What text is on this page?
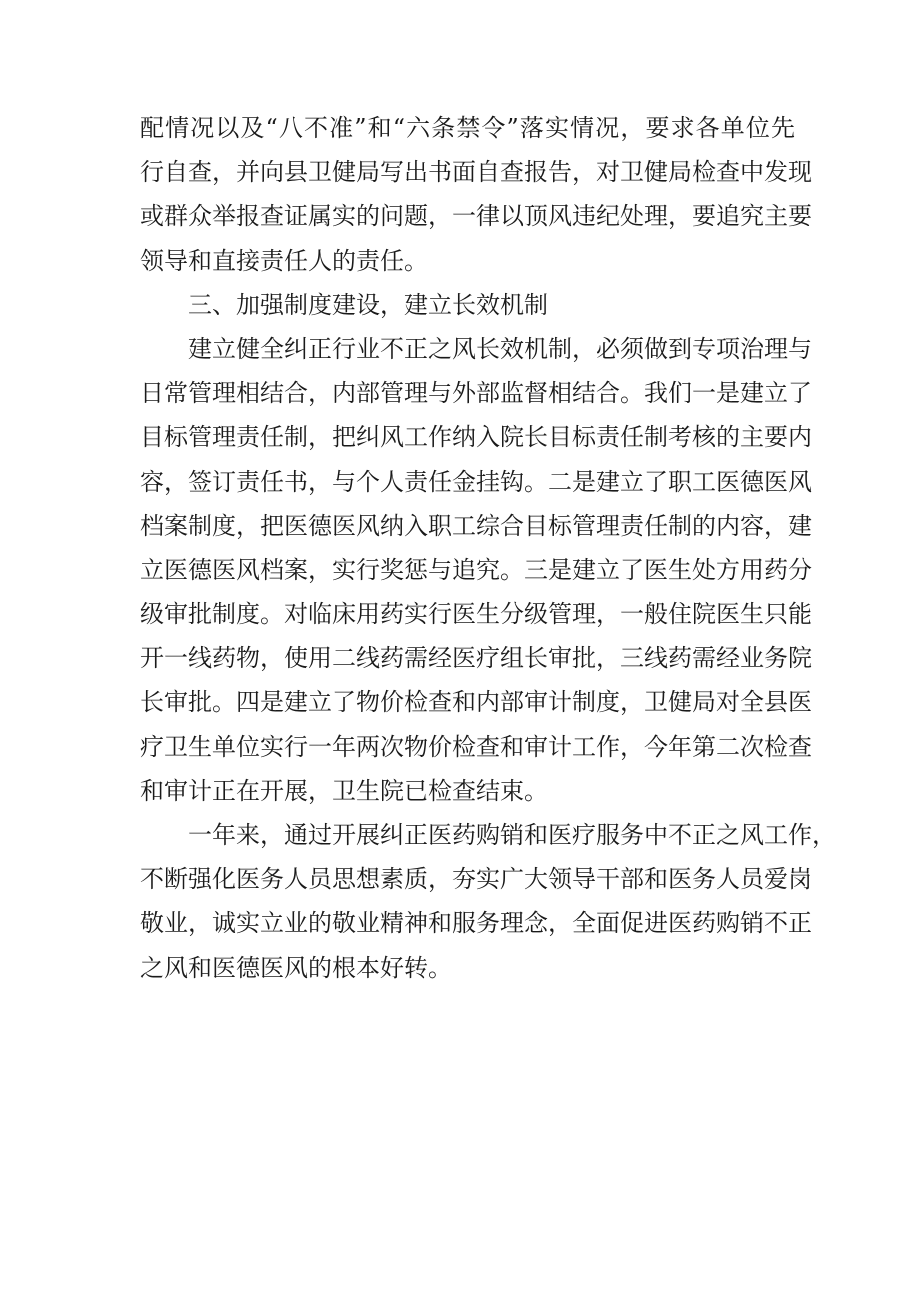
配情况以及“八不准”和“六条禁令”落实情况，要求各单位先
行自查，并向县卫健局写出书面自查报告，对卫健局检查中发现
或群众举报查证属实的问题，一律以顶风违纪处理，要追究主要
领导和直接责任人的责任。
三、加强制度建设，建立长效机制
建立健全纠正行业不正之风长效机制，必须做到专项治理与
日常管理相结合，内部管理与外部监督相结合。我们一是建立了
目标管理责任制，把纠风工作纳入院长目标责任制考核的主要内
容，签订责任书，与个人责任金挂钩。二是建立了职工医德医风
档案制度，把医德医风纳入职工综合目标管理责任制的内容，建
立医德医风档案，实行奖惩与追究。三是建立了医生处方用药分
级审批制度。对临床用药实行医生分级管理，一般住院医生只能
开一线药物，使用二线药需经医疗组长审批，三线药需经业务院
长审批。四是建立了物价检查和内部审计制度，卫健局对全县医
疗卫生单位实行一年两次物价检查和审计工作，今年第二次检查
和审计正在开展，卫生院已检查结束。
一年来，通过开展纠正医药购销和医疗服务中不正之风工作，
不断强化医务人员思想素质，夯实广大领导干部和医务人员爱岗
敬业，诚实立业的敬业精神和服务理念，全面促进医药购销不正
之风和医德医风的根本好转。
